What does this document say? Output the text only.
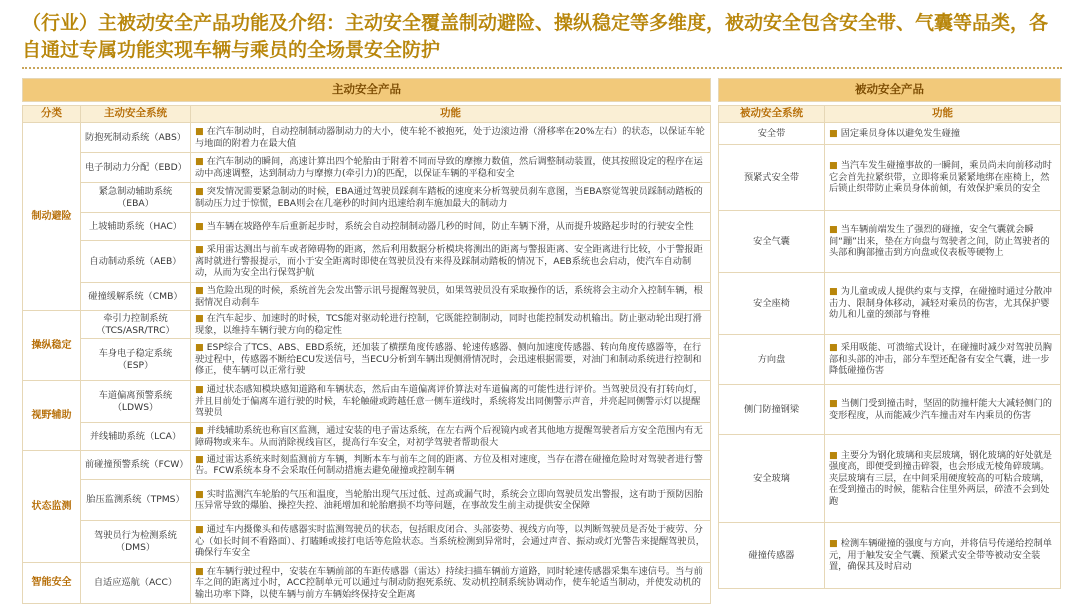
（行业）主被动安全产品功能及介绍：主动安全覆盖制动避险、操纵稳定等多维度，被动安全包含安全带、气囊等品类，各自通过专属功能实现车辆与乘员的全场景安全防护
主动安全产品		

分类	主动安全系统	功能
制动避险	防抱死制动系统（ABS）	■ 在汽车制动时，自动控制制动器制动力的大小，使车轮不被抱死，处于边滚边滑（滑移率在20%左右）的状态，以保证车轮与地面的附着力在最大值
	电子制动力分配（EBD）	■ 在汽车制动的瞬间，高速计算出四个轮胎由于附着不同而导致的摩擦力数值，然后调整制动装置，使其按照设定的程序在运动中高速调整，达到制动力与摩擦力(牵引力)的匹配，以保证车辆的平稳和安全
	紧急制动辅助系统（EBA）	■ 突发情况需要紧急制动的时候，EBA通过驾驶员踩刹车踏板的速度来分析驾驶员刹车意图，当EBA察觉驾驶员踩制动踏板的制动压力过于惊慌，EBA则会在几毫秒的时间内迅速给刹车施加最大的制动力
	上坡辅助系统（HAC）	■ 当车辆在坡路停车后重新起步时，系统会自动控制制动器几秒的时间，防止车辆下滑，从而提升坡路起步时的行驶安全性
	自动制动系统（AEB）	■ 采用雷达测出与前车或者障碍物的距离，然后利用数据分析模块将测出的距离与警报距离、安全距离进行比较，小于警报距离时就进行警报提示，而小于安全距离时即使在驾驶员没有来得及踩制动踏板的情况下，AEB系统也会启动，使汽车自动制动，从而为安全出行保驾护航
	碰撞缓解系统（CMB）	■ 当危险出现的时候，系统首先会发出警示讯号提醒驾驶员，如果驾驶员没有采取操作的话，系统将会主动介入控制车辆，根据情况自动刹车
操纵稳定	牵引力控制系统（TCS/ASR/TRC）	■ 在汽车起步、加速时的时候，TCS能对驱动轮进行控制，它既能控制制动，同时也能控制发动机输出。防止驱动轮出现打滑现象，以维持车辆行驶方向的稳定性
	车身电子稳定系统（ESP）	■ ESP综合了TCS、ABS、EBD系统，还加装了横摆角度传感器、轮速传感器、侧向加速度传感器、转向角度传感器等，在行驶过程中，传感器不断给ECU发送信号，当ECU分析到车辆出现侧滑情况时，会迅速根据需要，对油门和制动系统进行控制和修正，使车辆可以正常行驶
视野辅助	车道偏离预警系统（LDWS）	■ 通过状态感知模块感知道路和车辆状态，然后由车道偏离评价算法对车道偏离的可能性进行评价。当驾驶员没有打转向灯，并且目前处于偏离车道行驶的时候，车轮触碰或跨越任意一侧车道线时，系统将发出同侧警示声音，并亮起同侧警示灯以提醒驾驶员
	并线辅助系统（LCA）	■ 并线辅助系统也称盲区监测，通过安装的电子雷达系统，在左右两个后视镜内或者其他地方提醒驾驶者后方安全范围内有无障碍物或来车。从而消除视线盲区，提高行车安全，对初学驾驶者帮助很大
状态监测	前碰撞预警系统（FCW）	■ 通过雷达系统来时刻监测前方车辆，判断本车与前车之间的距离、方位及相对速度，当存在潜在碰撞危险时对驾驶者进行警告。FCW系统本身不会采取任何制动措施去避免碰撞或控制车辆
	胎压监测系统（TPMS）	■ 实时监测汽车轮胎的气压和温度，当轮胎出现气压过低、过高或漏气时，系统会立即向驾驶员发出警报，这有助于预防因胎压异常导致的爆胎、操控失控、油耗增加和轮胎磨损不均等问题，在事故发生前主动提供安全保障
	驾驶员行为检测系统（DMS）	■ 通过车内摄像头和传感器实时监测驾驶员的状态，包括眼皮闭合、头部姿势、视线方向等，以判断驾驶员是否处于疲劳、分心（如长时间不看路面）、打瞌睡或接打电话等危险状态。当系统检测到异常时，会通过声音、振动或灯光警告来提醒驾驶员，确保行车安全
智能安全	自适应巡航（ACC）	■ 在车辆行驶过程中，安装在车辆前部的车距传感器（雷达）持续扫描车辆前方道路，同时轮速传感器采集车速信号。当与前车之间的距离过小时，ACC控制单元可以通过与制动防抱死系统、发动机控制系统协调动作，使车轮适当制动，并使发动机的输出功率下降，以使车辆与前方车辆始终保持安全距离
被动安全产品	

被动安全系统	功能
安全带	■ 固定乘员身体以避免发生碰撞
预紧式安全带	■ 当汽车发生碰撞事故的一瞬间，乘员尚未向前移动时它会首先拉紧织带，立即将乘员紧紧地绑在座椅上，然后锁止织带防止乘员身体前倾，有效保护乘员的安全
安全气囊	■ 当车辆前端发生了强烈的碰撞，安全气囊就会瞬间“蹦”出来，垫在方向盘与驾驶者之间，防止驾驶者的头部和胸部撞击到方向盘或仪表板等硬物上
安全座椅	■ 为儿童或成人提供约束与支撑，在碰撞时通过分散冲击力、限制身体移动，减轻对乘员的伤害，尤其保护婴幼儿和儿童的颈部与脊椎
方向盘	■ 采用吸能、可溃缩式设计，在碰撞时减少对驾驶员胸部和头部的冲击，部分车型还配备有安全气囊，进一步降低碰撞伤害
侧门防撞钢梁	■ 当侧门受到撞击时，坚固的防撞杆能大大减轻侧门的变形程度，从而能减少汽车撞击对车内乘员的伤害
安全玻璃	■ 主要分为钢化玻璃和夹层玻璃，钢化玻璃的好处就是强度高，即便受到撞击碎裂，也会形成无棱角碎玻璃。夹层玻璃有三层，在中间采用硬度较高的可粘合玻璃，在受到撞击的时候，能粘合住里外两层，碎渣不会到处跑
碰撞传感器	■ 检测车辆碰撞的强度与方向，并将信号传递给控制单元，用于触发安全气囊、预紧式安全带等被动安全装置，确保其及时启动
